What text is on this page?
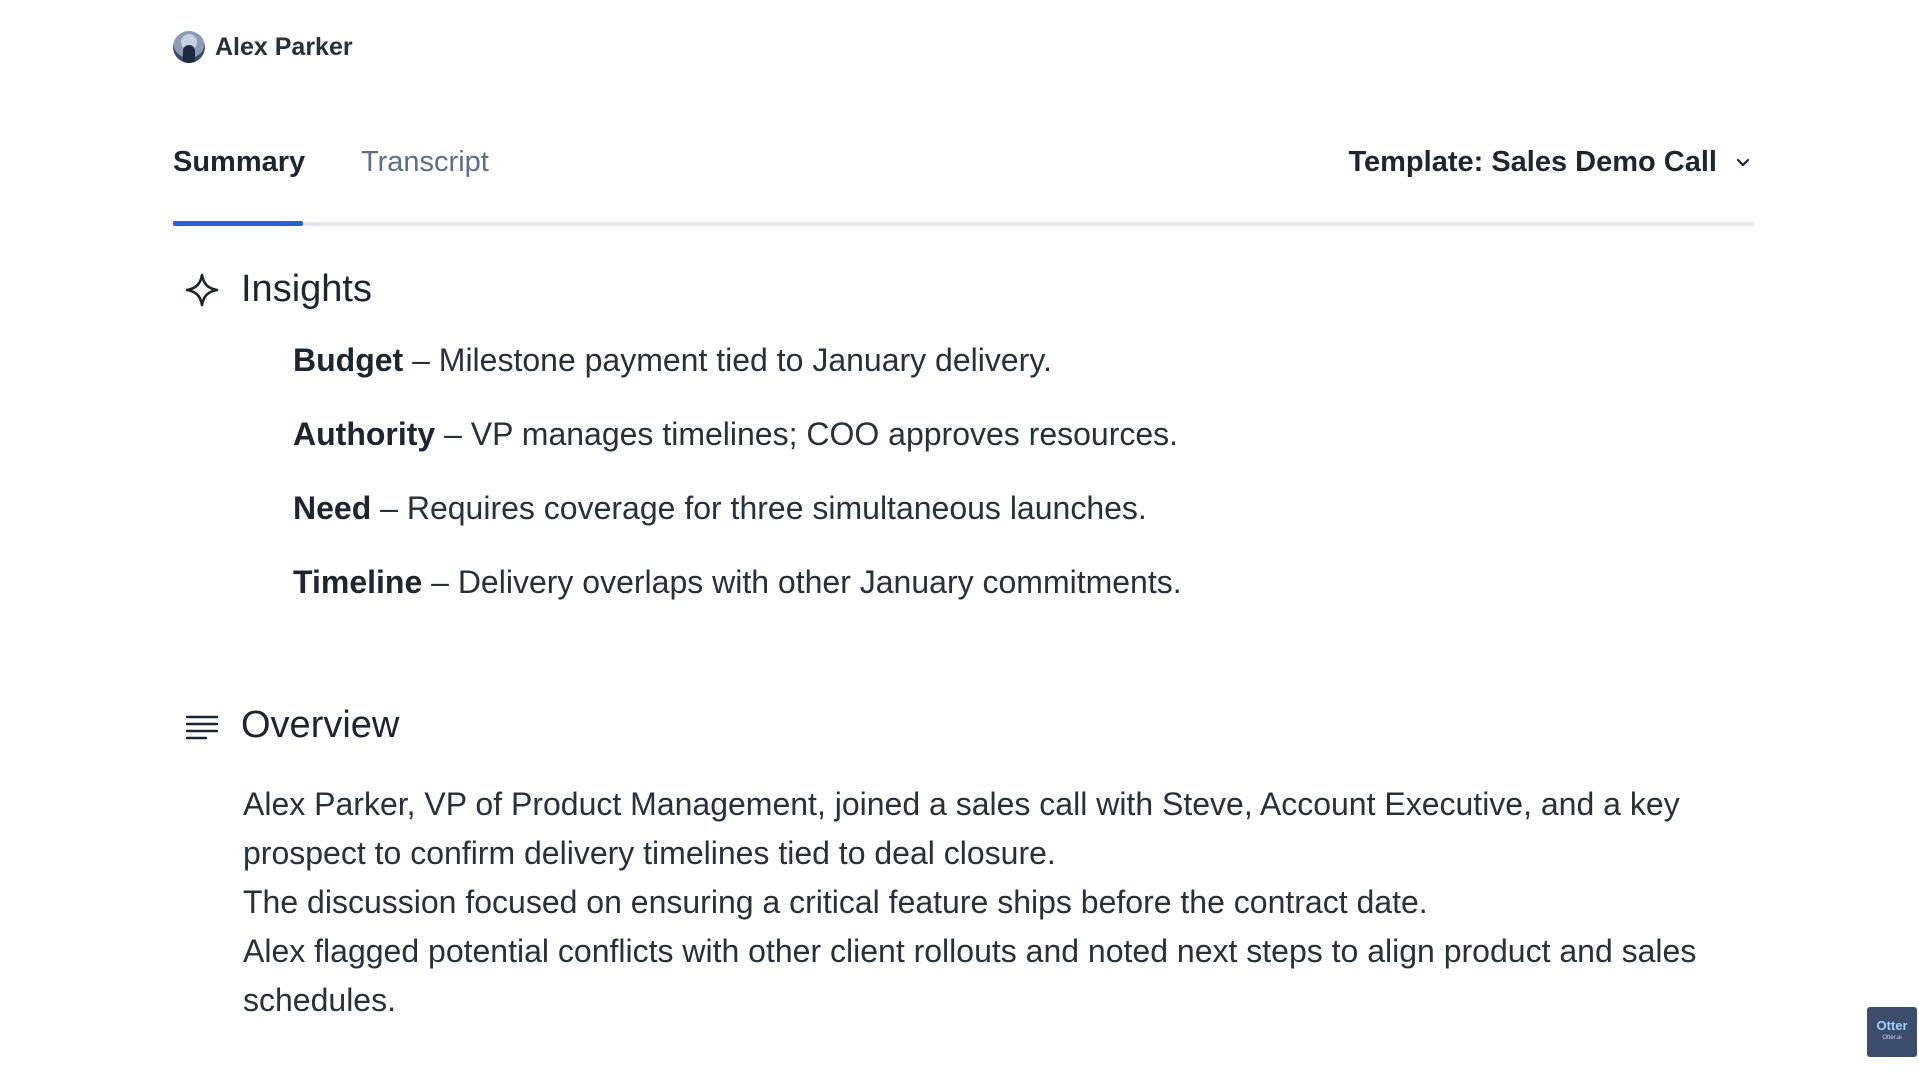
Alex Parker
Summary Transcript	Template: Sales Demo Call
Insights
Budget – Milestone payment tied to January delivery.
Authority – VP manages timelines; COO approves resources.
Need – Requires coverage for three simultaneous launches.
Timeline – Delivery overlaps with other January commitments.
Overview

Alex Parker, VP of Product Management, joined a sales call with Steve, Account Executive, and a key prospect to confirm delivery timelines tied to deal closure.

The discussion focused on ensuring a critical feature ships before the contract date.

Alex flagged potential conflicts with other client rollouts and noted next steps to align product and sales schedules.

Otter
Otter.ai
